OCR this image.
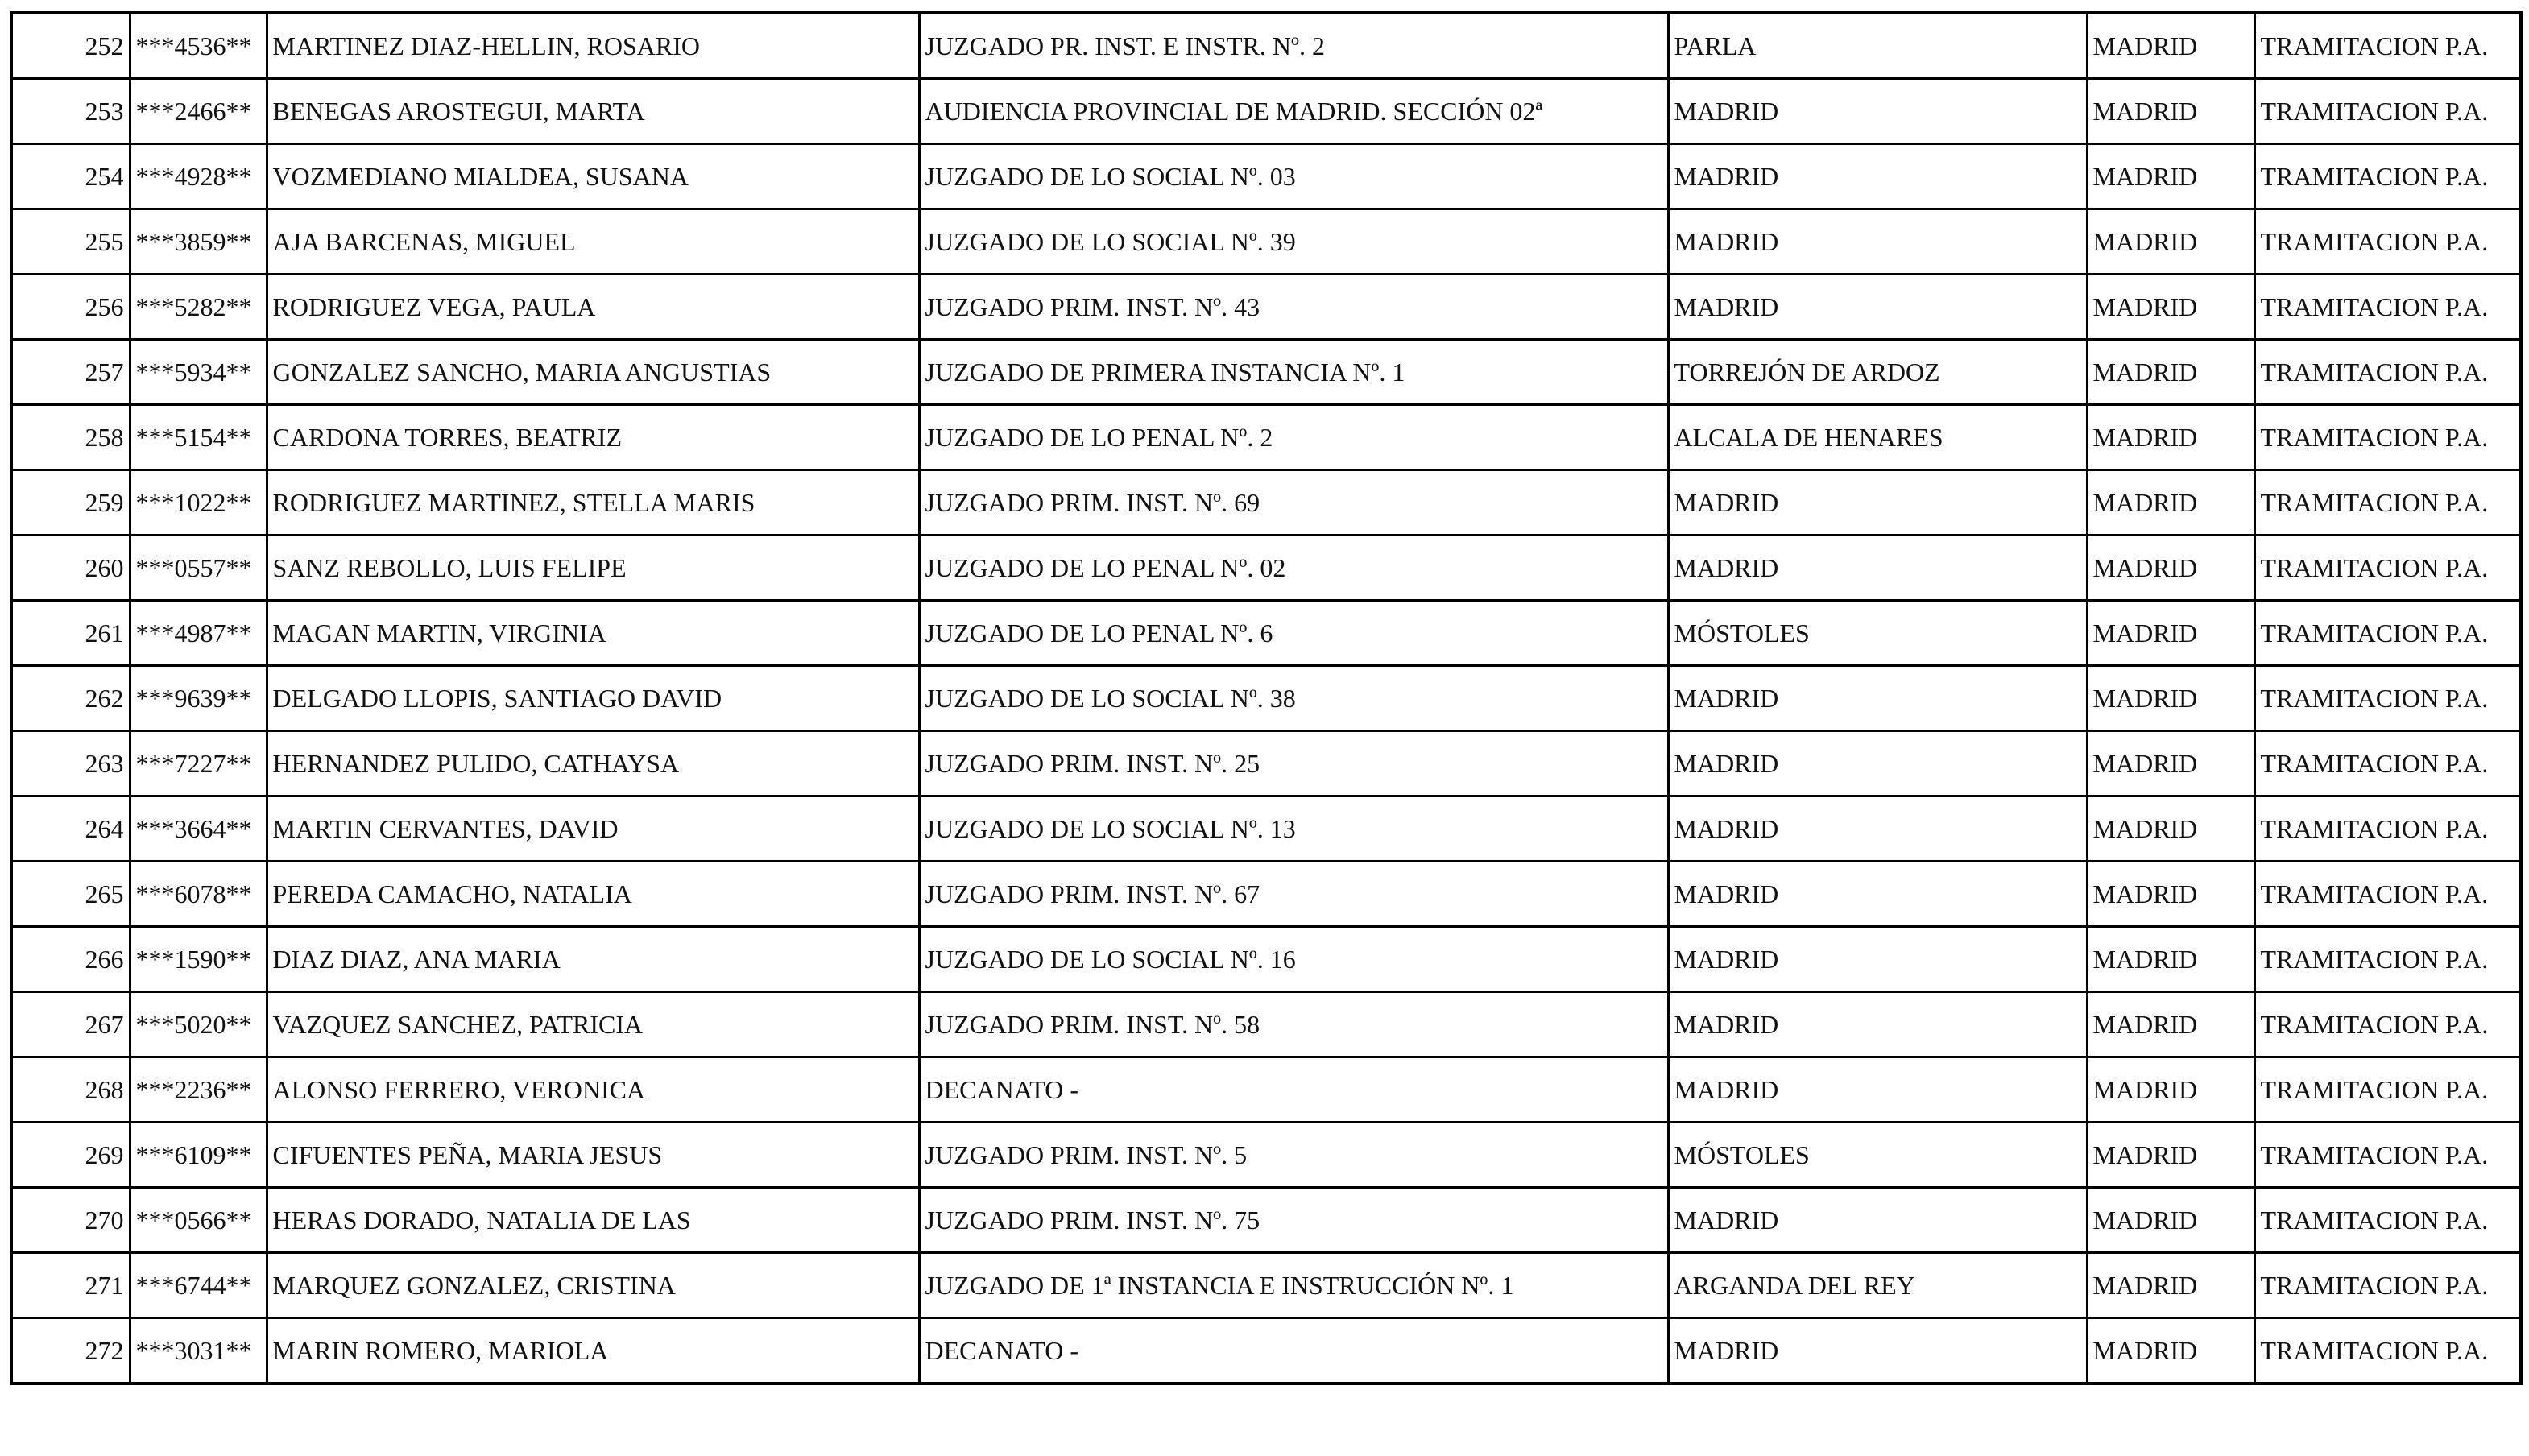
252	***4536**	MARTINEZ DIAZ-HELLIN, ROSARIO	JUZGADO PR. INST. E INSTR. Nº. 2	PARLA	MADRID	TRAMITACION P.A.
253	***2466**	BENEGAS AROSTEGUI, MARTA	AUDIENCIA PROVINCIAL DE MADRID. SECCIÓN 02ª	MADRID	MADRID	TRAMITACION P.A.
254	***4928**	VOZMEDIANO MIALDEA, SUSANA	JUZGADO DE LO SOCIAL Nº. 03	MADRID	MADRID	TRAMITACION P.A.
255	***3859**	AJA BARCENAS, MIGUEL	JUZGADO DE LO SOCIAL Nº. 39	MADRID	MADRID	TRAMITACION P.A.
256	***5282**	RODRIGUEZ VEGA, PAULA	JUZGADO PRIM. INST. Nº. 43	MADRID	MADRID	TRAMITACION P.A.
257	***5934**	GONZALEZ SANCHO, MARIA ANGUSTIAS	JUZGADO DE PRIMERA INSTANCIA Nº. 1	TORREJÓN DE ARDOZ	MADRID	TRAMITACION P.A.
258	***5154**	CARDONA TORRES, BEATRIZ	JUZGADO DE LO PENAL Nº. 2	ALCALA DE HENARES	MADRID	TRAMITACION P.A.
259	***1022**	RODRIGUEZ MARTINEZ, STELLA MARIS	JUZGADO PRIM. INST. Nº. 69	MADRID	MADRID	TRAMITACION P.A.
260	***0557**	SANZ REBOLLO, LUIS FELIPE	JUZGADO DE LO PENAL Nº. 02	MADRID	MADRID	TRAMITACION P.A.
261	***4987**	MAGAN MARTIN, VIRGINIA	JUZGADO DE LO PENAL Nº. 6	MÓSTOLES	MADRID	TRAMITACION P.A.
262	***9639**	DELGADO LLOPIS, SANTIAGO DAVID	JUZGADO DE LO SOCIAL Nº. 38	MADRID	MADRID	TRAMITACION P.A.
263	***7227**	HERNANDEZ PULIDO, CATHAYSA	JUZGADO PRIM. INST. Nº. 25	MADRID	MADRID	TRAMITACION P.A.
264	***3664**	MARTIN CERVANTES, DAVID	JUZGADO DE LO SOCIAL Nº. 13	MADRID	MADRID	TRAMITACION P.A.
265	***6078**	PEREDA CAMACHO, NATALIA	JUZGADO PRIM. INST. Nº. 67	MADRID	MADRID	TRAMITACION P.A.
266	***1590**	DIAZ DIAZ, ANA MARIA	JUZGADO DE LO SOCIAL Nº. 16	MADRID	MADRID	TRAMITACION P.A.
267	***5020**	VAZQUEZ SANCHEZ, PATRICIA	JUZGADO PRIM. INST. Nº. 58	MADRID	MADRID	TRAMITACION P.A.
268	***2236**	ALONSO FERRERO, VERONICA	DECANATO -	MADRID	MADRID	TRAMITACION P.A.
269	***6109**	CIFUENTES PEÑA, MARIA JESUS	JUZGADO PRIM. INST. Nº. 5	MÓSTOLES	MADRID	TRAMITACION P.A.
270	***0566**	HERAS DORADO, NATALIA DE LAS	JUZGADO PRIM. INST. Nº. 75	MADRID	MADRID	TRAMITACION P.A.
271	***6744**	MARQUEZ GONZALEZ, CRISTINA	JUZGADO DE 1ª INSTANCIA E INSTRUCCIÓN Nº. 1	ARGANDA DEL REY	MADRID	TRAMITACION P.A.
272	***3031**	MARIN ROMERO, MARIOLA	DECANATO -	MADRID	MADRID	TRAMITACION P.A.
